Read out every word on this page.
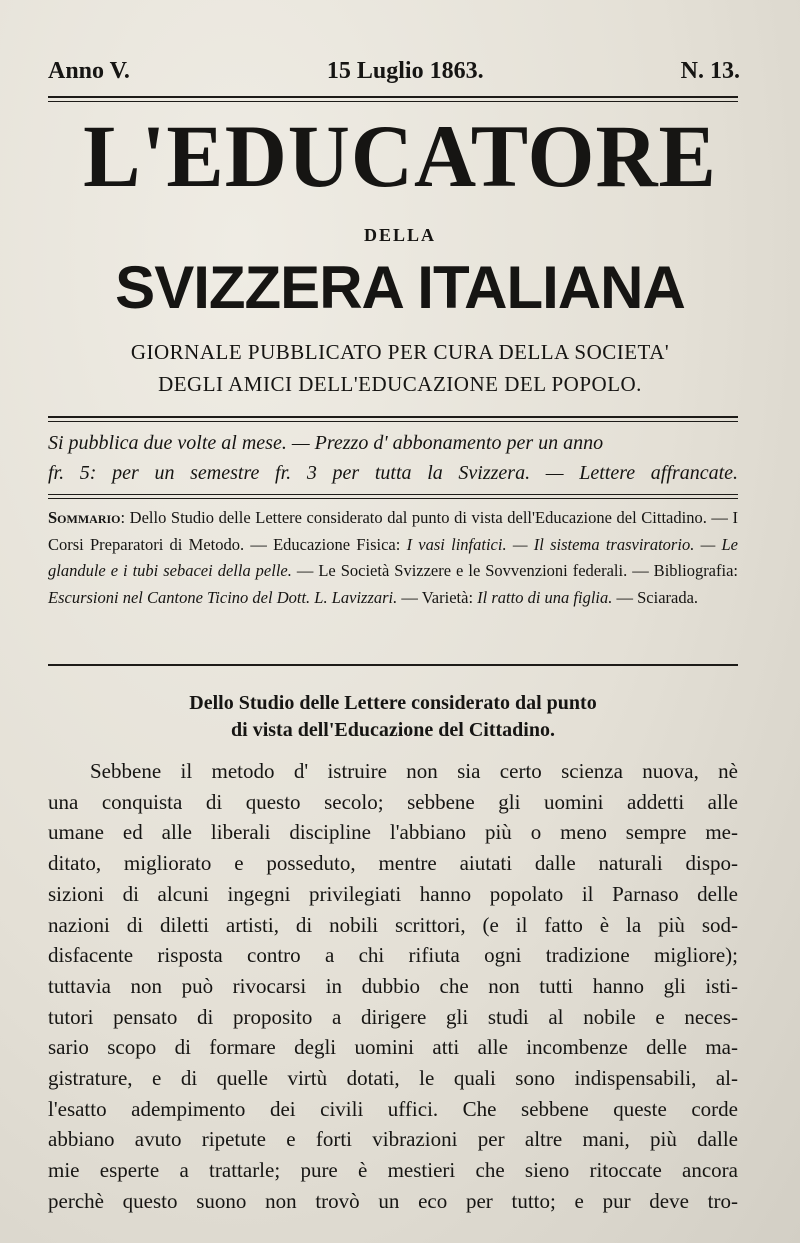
Anno V.	15 Luglio 1863.	N. 13.
L'EDUCATORE
DELLA
SVIZZERA ITALIANA
GIORNALE PUBBLICATO PER CURA DELLA SOCIETA'
DEGLI AMICI DELL'EDUCAZIONE DEL POPOLO.
Si pubblica due volte al mese. — Prezzo d' abbonamento per un anno
fr. 5: per un semestre fr. 3 per tutta la Svizzera. — Lettere affrancate.
Sommario: Dello Studio delle Lettere considerato dal punto di vista dell'Educazione del Cittadino. — I Corsi Preparatori di Metodo. — Educazione Fisica: I vasi linfatici. — Il sistema trasviratorio. — Le glandule e i tubi sebacei della pelle. — Le Società Svizzere e le Sovvenzioni federali. — Bibliografia: Escursioni nel Cantone Ticino del Dott. L. Lavizzari. — Varietà: Il ratto di una figlia. — Sciarada.
Dello Studio delle Lettere considerato dal punto
di vista dell'Educazione del Cittadino.
Sebbene il metodo d' istruire non sia certo scienza nuova, nè
una conquista di questo secolo; sebbene gli uomini addetti alle
umane ed alle liberali discipline l'abbiano più o meno sempre me-
ditato, migliorato e posseduto, mentre aiutati dalle naturali dispo-
sizioni di alcuni ingegni privilegiati hanno popolato il Parnaso delle
nazioni di diletti artisti, di nobili scrittori, (e il fatto è la più sod-
disfacente risposta contro a chi rifiuta ogni tradizione migliore);
tuttavia non può rivocarsi in dubbio che non tutti hanno gli isti-
tutori pensato di proposito a dirigere gli studi al nobile e neces-
sario scopo di formare degli uomini atti alle incombenze delle ma-
gistrature, e di quelle virtù dotati, le quali sono indispensabili, al-
l'esatto adempimento dei civili uffici. Che sebbene queste corde
abbiano avuto ripetute e forti vibrazioni per altre mani, più dalle
mie esperte a trattarle; pure è mestieri che sieno ritoccate ancora
perchè questo suono non trovò un eco per tutto; e pur deve tro-
